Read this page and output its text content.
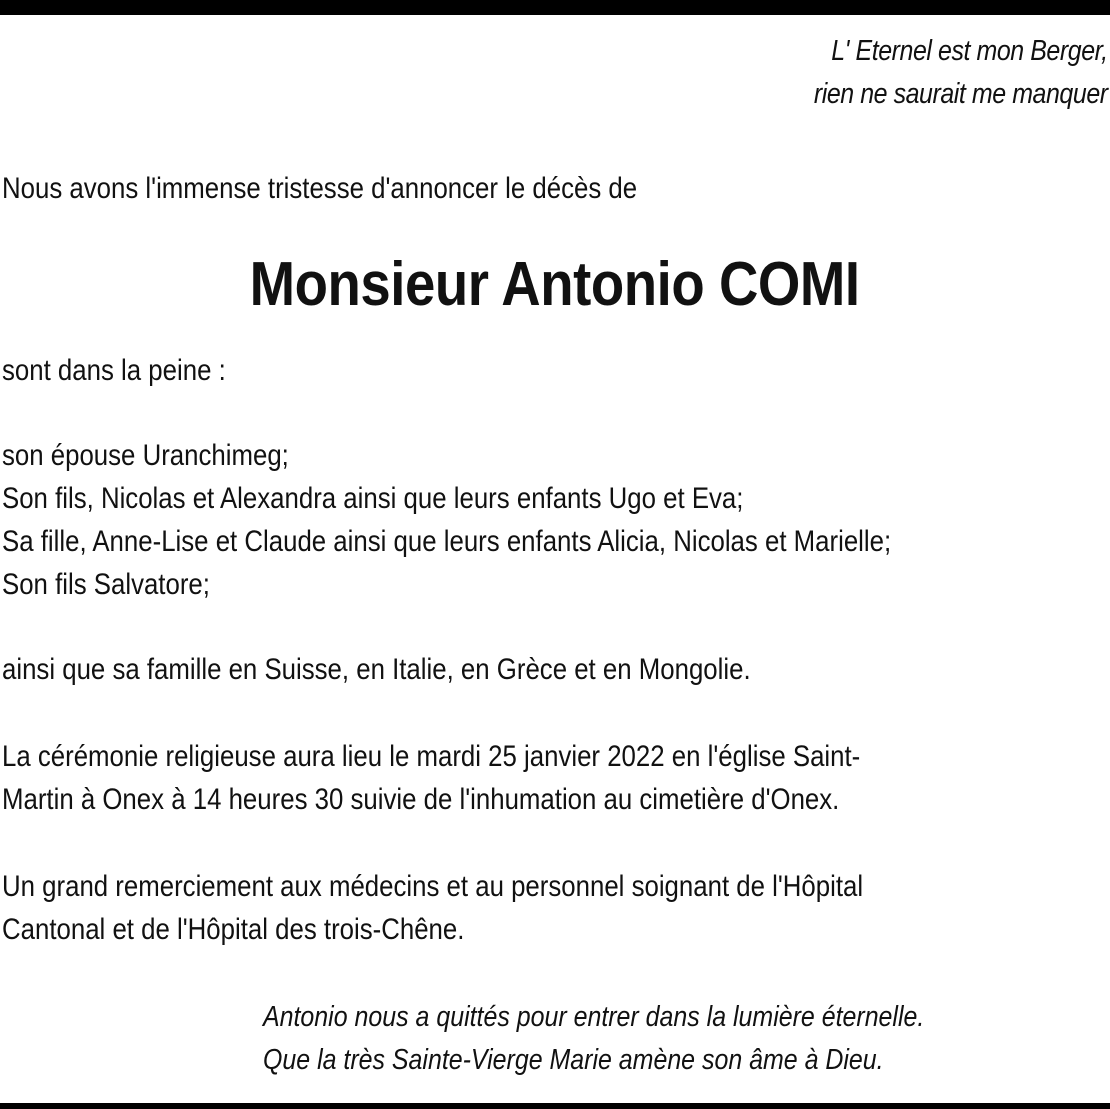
L' Eternel est mon Berger,
rien ne saurait me manquer
Nous avons l'immense tristesse d'annoncer le décès de
Monsieur Antonio COMI
sont dans la peine :
son épouse Uranchimeg;
Son fils, Nicolas et Alexandra ainsi que leurs enfants Ugo et Eva;
Sa fille, Anne-Lise et Claude ainsi que leurs enfants Alicia, Nicolas et Marielle;
Son fils Salvatore;
ainsi que sa famille en Suisse, en Italie, en Grèce et en Mongolie.
La cérémonie religieuse aura lieu le mardi 25 janvier 2022 en l'église Saint-
Martin à Onex à 14 heures 30 suivie de l'inhumation au cimetière d'Onex.
Un grand remerciement aux médecins et au personnel soignant de l'Hôpital
Cantonal et de l'Hôpital des trois-Chêne.
Antonio nous a quittés pour entrer dans la lumière éternelle.
Que la très Sainte-Vierge Marie amène son âme à Dieu.
